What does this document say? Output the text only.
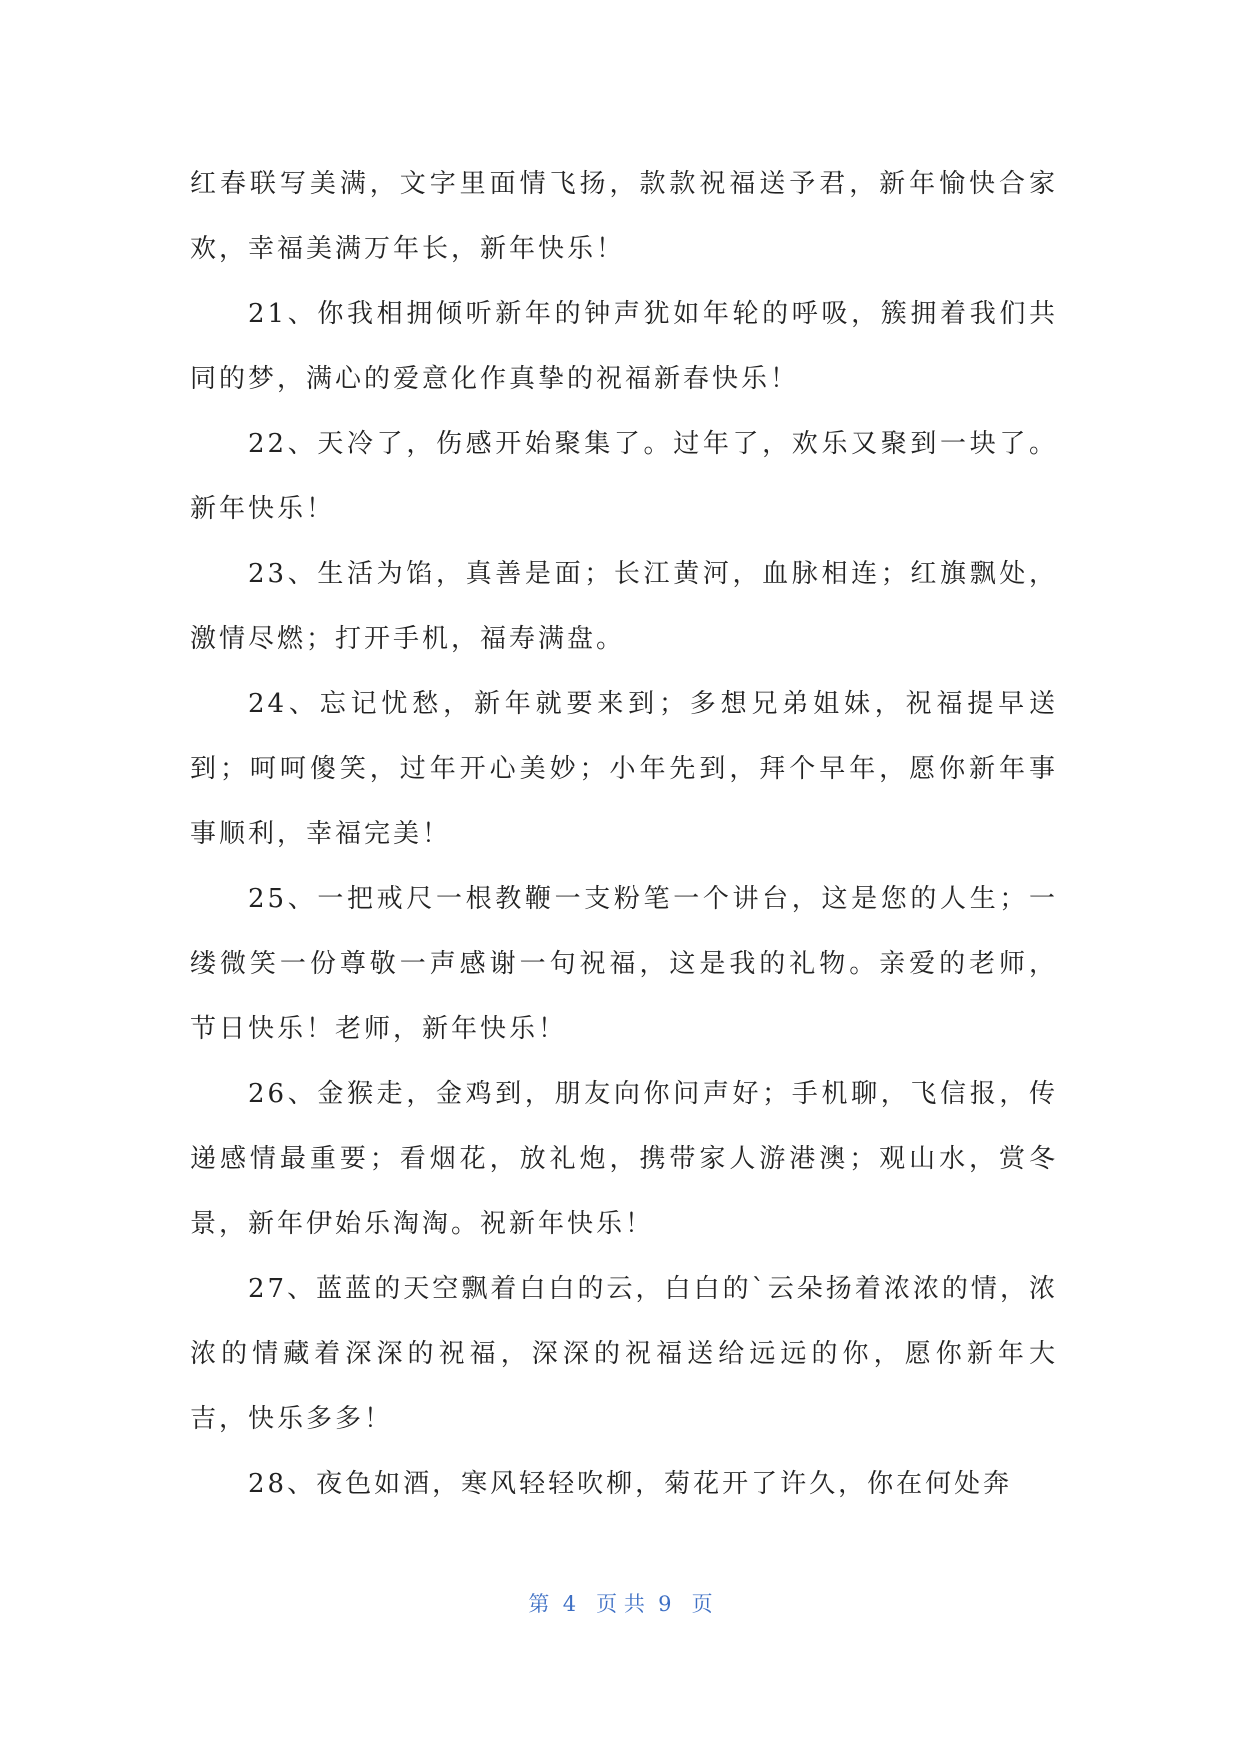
红春联写美满，文字里面情飞扬，款款祝福送予君，新年愉快合家欢，幸福美满万年长，新年快乐！

21、你我相拥倾听新年的钟声犹如年轮的呼吸，簇拥着我们共同的梦，满心的爱意化作真挚的祝福新春快乐！

22、天冷了，伤感开始聚集了。过年了，欢乐又聚到一块了。新年快乐！

23、生活为馅，真善是面；长江黄河，血脉相连；红旗飘处，激情尽燃；打开手机，福寿满盘。

24、忘记忧愁，新年就要来到；多想兄弟姐妹，祝福提早送到；呵呵傻笑，过年开心美妙；小年先到，拜个早年，愿你新年事事顺利，幸福完美！

25、一把戒尺一根教鞭一支粉笔一个讲台，这是您的人生；一缕微笑一份尊敬一声感谢一句祝福，这是我的礼物。亲爱的老师，节日快乐！老师，新年快乐！

26、金猴走，金鸡到，朋友向你问声好；手机聊，飞信报，传递感情最重要；看烟花，放礼炮，携带家人游港澳；观山水，赏冬景，新年伊始乐淘淘。祝新年快乐！

27、蓝蓝的天空飘着白白的云，白白的`云朵扬着浓浓的情，浓浓的情藏着深深的祝福，深深的祝福送给远远的你，愿你新年大吉，快乐多多！

28、夜色如酒，寒风轻轻吹柳，菊花开了许久，你在何处奔

第  4   页 共  9   页
